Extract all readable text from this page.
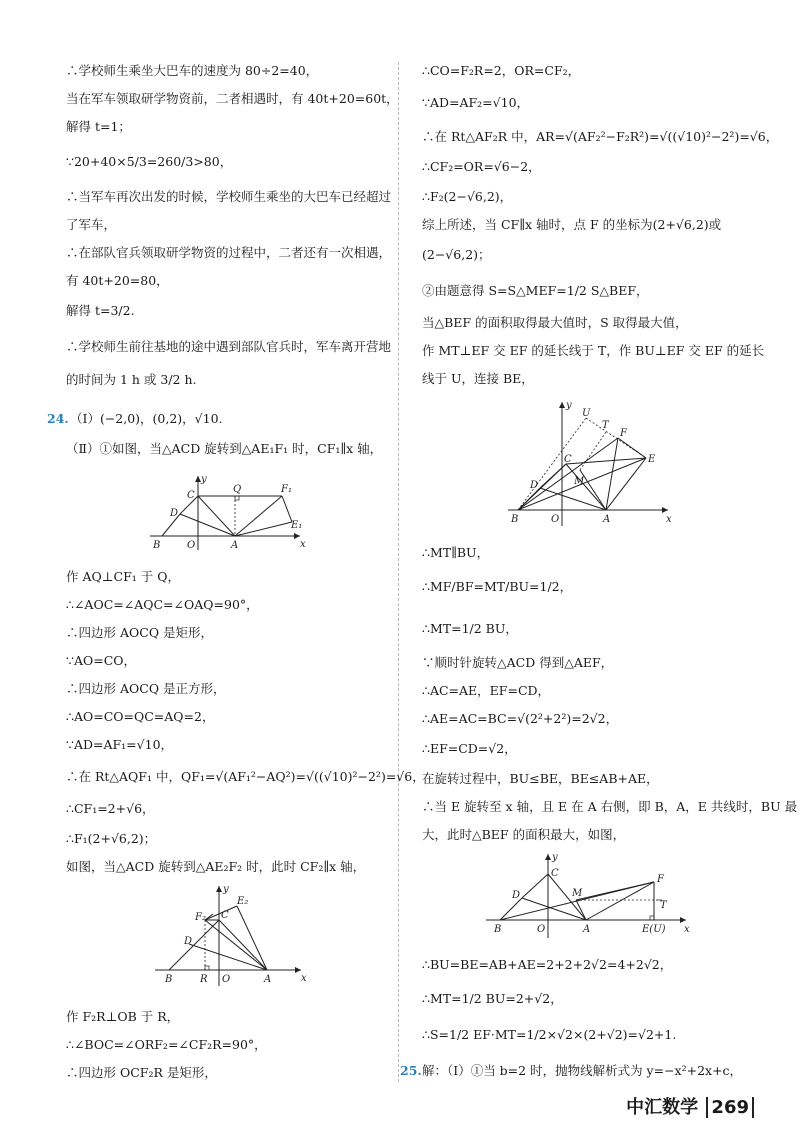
∴学校师生乘坐大巴车的速度为 80÷2=40，
当在军车领取研学物资前，二者相遇时，有 40t+20=60t，
解得 t=1；
∵20+40×5/3=260/3>80，
∴当军车再次出发的时候，学校师生乘坐的大巴车已经超过
了军车，
∴在部队官兵领取研学物资的过程中，二者还有一次相遇，
有 40t+20=80，
解得 t=3/2.
∴学校师生前往基地的途中遇到部队官兵时，军车离开营地
的时间为 1 h 或 3/2 h.
24. （Ⅰ）(−2,0)，(0,2)，√10.
（Ⅱ）①如图，当△ACD 旋转到△AE₁F₁ 时，CF₁∥x 轴，
y
x
C
Q	F₁
D
E₁
B	O	A
作 AQ⊥CF₁ 于 Q，
∴∠AOC=∠AQC=∠OAQ=90°，
∴四边形 AOCQ 是矩形，
∵AO=CO，
∴四边形 AOCQ 是正方形，
∴AO=CO=QC=AQ=2，
∵AD=AF₁=√10，
∴在 Rt△AQF₁ 中，QF₁=√(AF₁²−AQ²)=√((√10)²−2²)=√6，
∴CF₁=2+√6，
∴F₁(2+√6,2)；
如图，当△ACD 旋转到△AE₂F₂ 时，此时 CF₂∥x 轴，
y
x
E₂
F₂ C
D
B	R O	A
作 F₂R⊥OB 于 R，
∴∠BOC=∠ORF₂=∠CF₂R=90°，
∴四边形 OCF₂R 是矩形，
∴CO=F₂R=2，OR=CF₂，
∵AD=AF₂=√10，
∴在 Rt△AF₂R 中，AR=√(AF₂²−F₂R²)=√((√10)²−2²)=√6，
∴CF₂=OR=√6−2，
∴F₂(2−√6,2)，
综上所述，当 CF∥x 轴时，点 F 的坐标为(2+√6,2)或
(2−√6,2)；
②由题意得 S=S△MEF=1/2 S△BEF，
当△BEF 的面积取得最大值时，S 取得最大值，
作 MT⊥EF 交 EF 的延长线于 T，作 BU⊥EF 交 EF 的延长
线于 U，连接 BE，
y
x
U
T
F
E
C
M
D
B	O	A
∴MT∥BU，
∴MF/BF=MT/BU=1/2，
∴MT=1/2 BU，
∵顺时针旋转△ACD 得到△AEF，
∴AC=AE，EF=CD，
∴AE=AC=BC=√(2²+2²)=2√2，
∴EF=CD=√2，
在旋转过程中，BU≤BE，BE≤AB+AE，
∴当 E 旋转至 x 轴，且 E 在 A 右侧，即 B，A，E 共线时，BU 最
大，此时△BEF 的面积最大，如图，
y
x
C
F
D	M
T
B	O	A	E(U)
∴BU=BE=AB+AE=2+2+2√2=4+2√2，
∴MT=1/2 BU=2+√2，
∴S=1/2 EF·MT=1/2×√2×(2+√2)=√2+1.
25. 解：（Ⅰ）①当 b=2 时，抛物线解析式为 y=−x²+2x+c，
中汇数学 269
